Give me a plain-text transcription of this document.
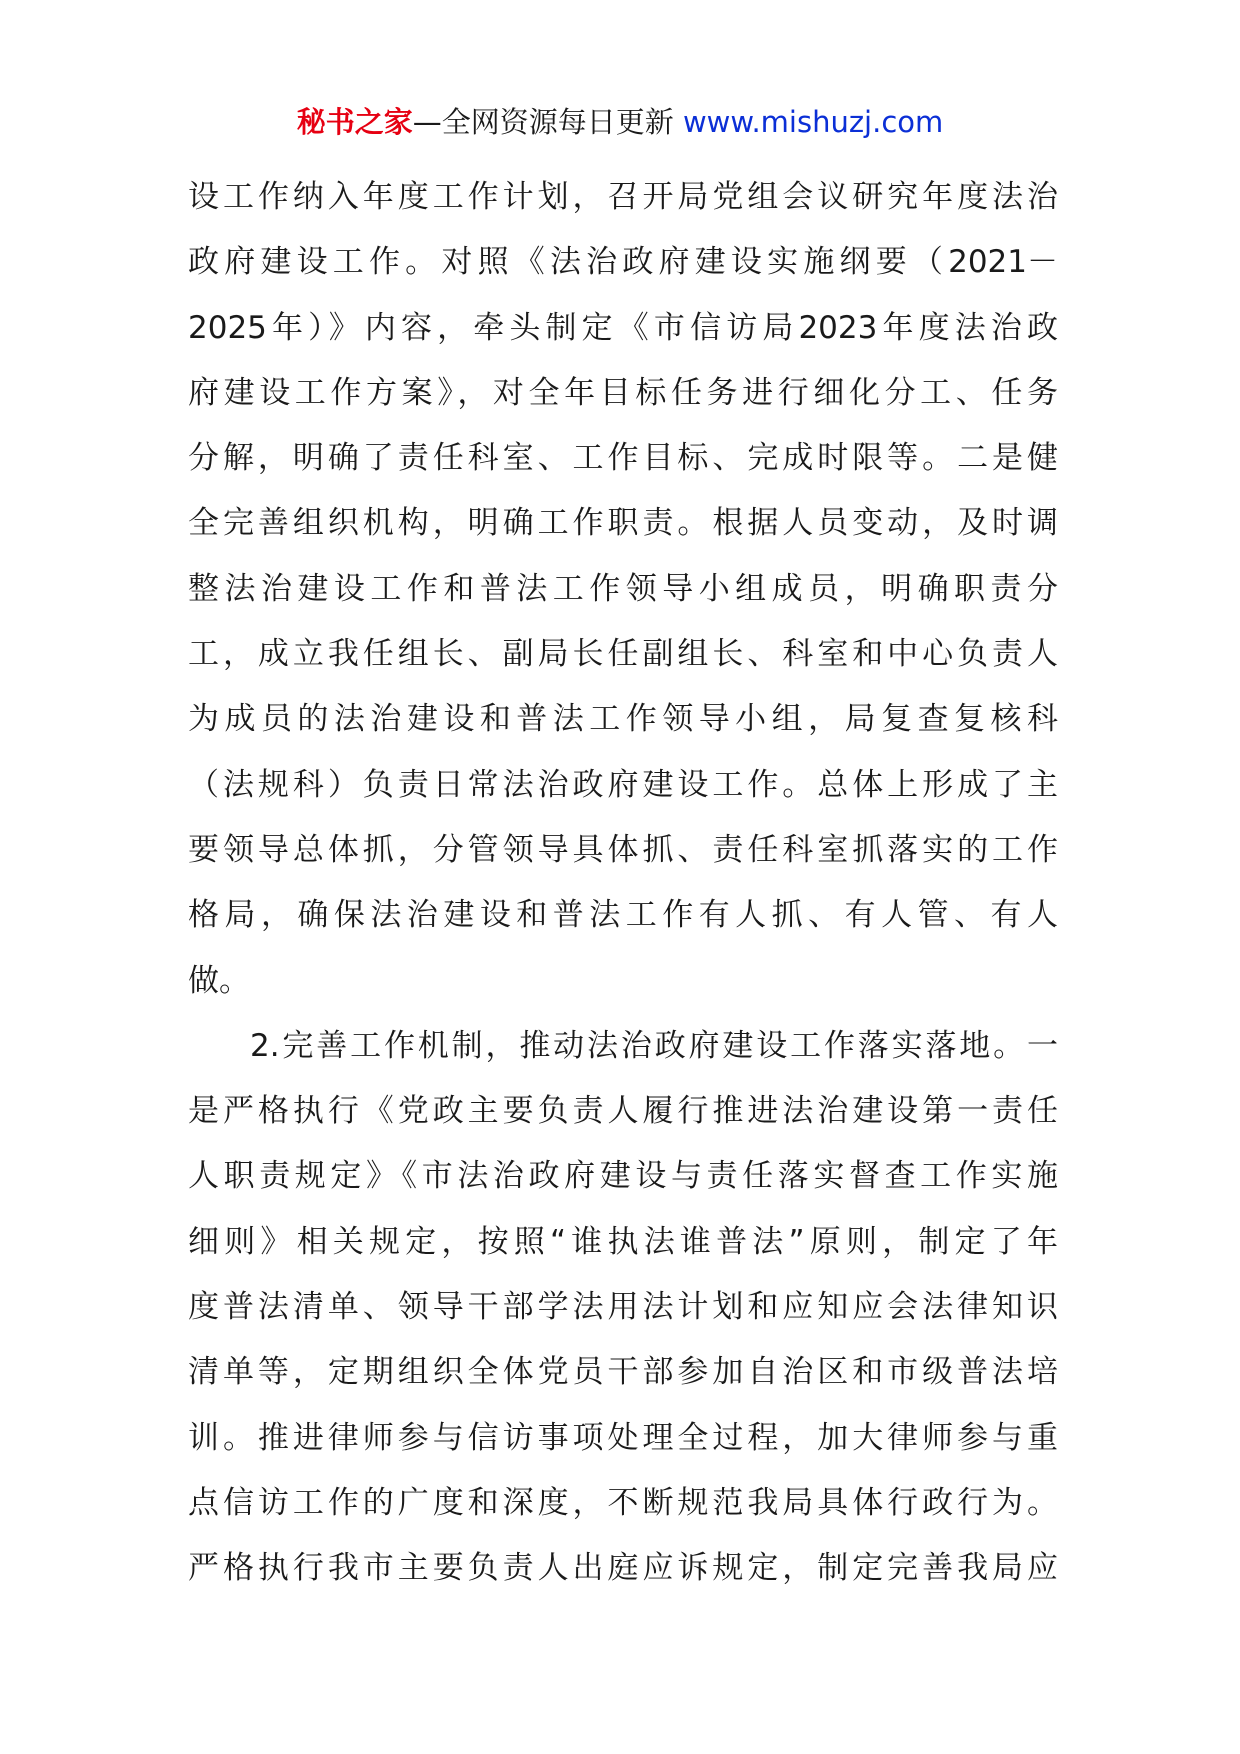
秘书之家—全网资源每日更新 www.mishuzj.com
设工作纳入年度工作计划，召开局党组会议研究年度法治
政府建设工作。对照《法治政府建设实施纲要（2021－
2025年）》内容，牵头制定《市信访局2023年度法治政
府建设工作方案》，对全年目标任务进行细化分工、任务
分解，明确了责任科室、工作目标、完成时限等。二是健
全完善组织机构，明确工作职责。根据人员变动，及时调
整法治建设工作和普法工作领导小组成员，明确职责分
工，成立我任组长、副局长任副组长、科室和中心负责人
为成员的法治建设和普法工作领导小组，局复查复核科
（法规科）负责日常法治政府建设工作。总体上形成了主
要领导总体抓，分管领导具体抓、责任科室抓落实的工作
格局，确保法治建设和普法工作有人抓、有人管、有人
做。
2.完善工作机制，推动法治政府建设工作落实落地。一
是严格执行《党政主要负责人履行推进法治建设第一责任
人职责规定》《市法治政府建设与责任落实督查工作实施
细则》相关规定，按照“谁执法谁普法”原则，制定了年
度普法清单、领导干部学法用法计划和应知应会法律知识
清单等，定期组织全体党员干部参加自治区和市级普法培
训。推进律师参与信访事项处理全过程，加大律师参与重
点信访工作的广度和深度，不断规范我局具体行政行为。
严格执行我市主要负责人出庭应诉规定，制定完善我局应
